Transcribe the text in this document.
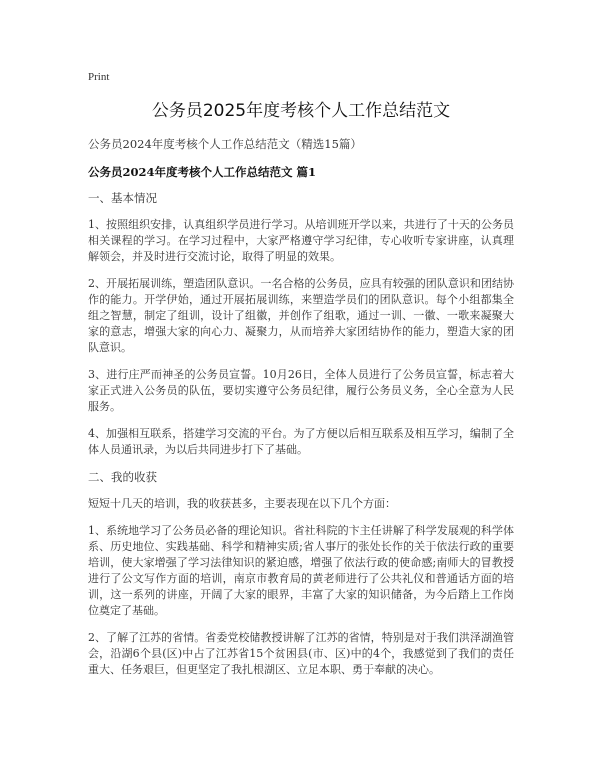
Print
公务员2025年度考核个人工作总结范文
公务员2024年度考核个人工作总结范文（精选15篇）
公务员2024年度考核个人工作总结范文 篇1
一、基本情况

1、按照组织安排，认真组织学员进行学习。从培训班开学以来，共进行了十天的公务员相关课程的学习。在学习过程中，大家严格遵守学习纪律，专心收听专家讲座，认真理解领会，并及时进行交流讨论，取得了明显的效果。

2、开展拓展训练，塑造团队意识。一名合格的公务员，应具有较强的团队意识和团结协作的能力。开学伊始，通过开展拓展训练，来塑造学员们的团队意识。每个小组都集全组之智慧，制定了组训，设计了组徽，并创作了组歌，通过一训、一徽、一歌来凝聚大家的意志，增强大家的向心力、凝聚力，从而培养大家团结协作的能力，塑造大家的团队意识。

3、进行庄严而神圣的公务员宣誓。10月26日，全体人员进行了公务员宣誓，标志着大家正式进入公务员的队伍，要切实遵守公务员纪律，履行公务员义务，全心全意为人民服务。

4、加强相互联系，搭建学习交流的平台。为了方便以后相互联系及相互学习，编制了全体人员通讯录，为以后共同进步打下了基础。

二、我的收获

短短十几天的培训，我的收获甚多，主要表现在以下几个方面：

1、系统地学习了公务员必备的理论知识。省社科院的卞主任讲解了科学发展观的科学体系、历史地位、实践基础、科学和精神实质;省人事厅的张处长作的关于依法行政的重要培训，使大家增强了学习法律知识的紧迫感，增强了依法行政的使命感;南师大的冒教授进行了公文写作方面的培训，南京市教育局的黄老师进行了公共礼仪和普通话方面的培训，这一系列的讲座，开阔了大家的眼界，丰富了大家的知识储备，为今后踏上工作岗位奠定了基础。

2、了解了江苏的省情。省委党校储教授讲解了江苏的省情，特别是对于我们洪泽湖渔管会，沿湖6个县(区)中占了江苏省15个贫困县(市、区)中的4个，我感觉到了我们的责任重大、任务艰巨，但更坚定了我扎根湖区、立足本职、勇于奉献的决心。
